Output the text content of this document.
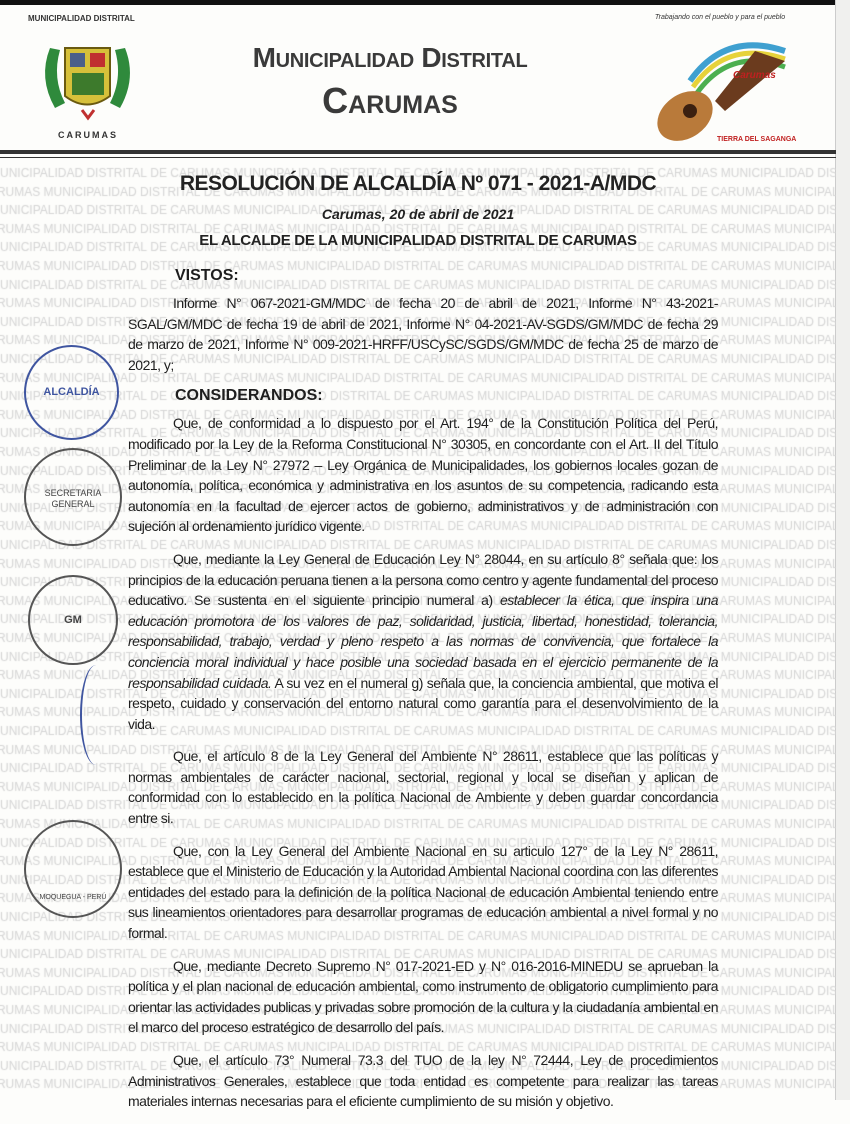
MUNICIPALIDAD DISTRITAL
CARUMAS
Municipalidad Distrital
Carumas
Trabajando con el pueblo y para el pueblo
Carumas
TIERRA DEL SAGANGA
ALCALDÍA
SECRETARIA GENERAL
GM
MOQUEGUA - PERÚ
RESOLUCIÓN DE ALCALDÍA Nº 071 - 2021-A/MDC
Carumas, 20 de abril de 2021
EL ALCALDE DE LA MUNICIPALIDAD DISTRITAL DE CARUMAS
VISTOS:
Informe N° 067-2021-GM/MDC de fecha 20 de abril de 2021, Informe N° 43-2021-SGAL/GM/MDC de fecha 19 de abril de 2021, Informe N° 04-2021-AV-SGDS/GM/MDC de fecha 29 de marzo de 2021, Informe N° 009-2021-HRFF/USCySC/SGDS/GM/MDC de fecha 25 de marzo de 2021, y;
CONSIDERANDOS:
Que, de conformidad a lo dispuesto por el Art. 194° de la Constitución Política del Perú, modificado por la Ley de la Reforma Constitucional N° 30305, en concordante con el Art. II del Título Preliminar de la Ley N° 27972 – Ley Orgánica de Municipalidades, los gobiernos locales gozan de autonomía, política, económica y administrativa en los asuntos de su competencia, radicando esta autonomía en la facultad de ejercer actos de gobierno, administrativos y de administración con sujeción al ordenamiento jurídico vigente.
Que, mediante la Ley General de Educación Ley N° 28044, en su artículo 8° señala que: los principios de la educación peruana tienen a la persona como centro y agente fundamental del proceso educativo. Se sustenta en el siguiente principio numeral a) establecer la ética, que inspira una educación promotora de los valores de paz, solidaridad, justicia, libertad, honestidad, tolerancia, responsabilidad, trabajo, verdad y pleno respeto a las normas de convivencia, que fortalece la conciencia moral individual y hace posible una sociedad basada en el ejercicio permanente de la responsabilidad cuidada. A su vez en el numeral g) señala que, la conciencia ambiental, que motiva el respeto, cuidado y conservación del entorno natural como garantía para el desenvolvimiento de la vida.
Que, el artículo 8 de la Ley General del Ambiente N° 28611, establece que las políticas y normas ambientales de carácter nacional, sectorial, regional y local se diseñan y aplican de conformidad con lo establecido en la política Nacional de Ambiente y deben guardar concordancia entre si.
Que, con la Ley General del Ambiente Nacional en su articulo 127° de la Ley N° 28611, establece que el Ministerio de Educación y la Autoridad Ambiental Nacional coordina con las diferentes entidades del estado para la definición de la política Nacional de educación Ambiental teniendo entre sus lineamientos orientadores para desarrollar programas de educación ambiental a nivel formal y no formal.
Que, mediante Decreto Supremo N° 017-2021-ED y N° 016-2016-MINEDU se aprueban la política y el plan nacional de educación ambiental, como instrumento de obligatorio cumplimiento para orientar las actividades publicas y privadas sobre promoción de la cultura y la ciudadanía ambiental en el marco del proceso estratégico de desarrollo del país.
Que, el artículo 73° Numeral 73.3 del TUO de la ley N° 72444, Ley de procedimientos Administrativos Generales, establece que toda entidad es competente para realizar las tareas materiales internas necesarias para el eficiente cumplimiento de su misión y objetivo.
